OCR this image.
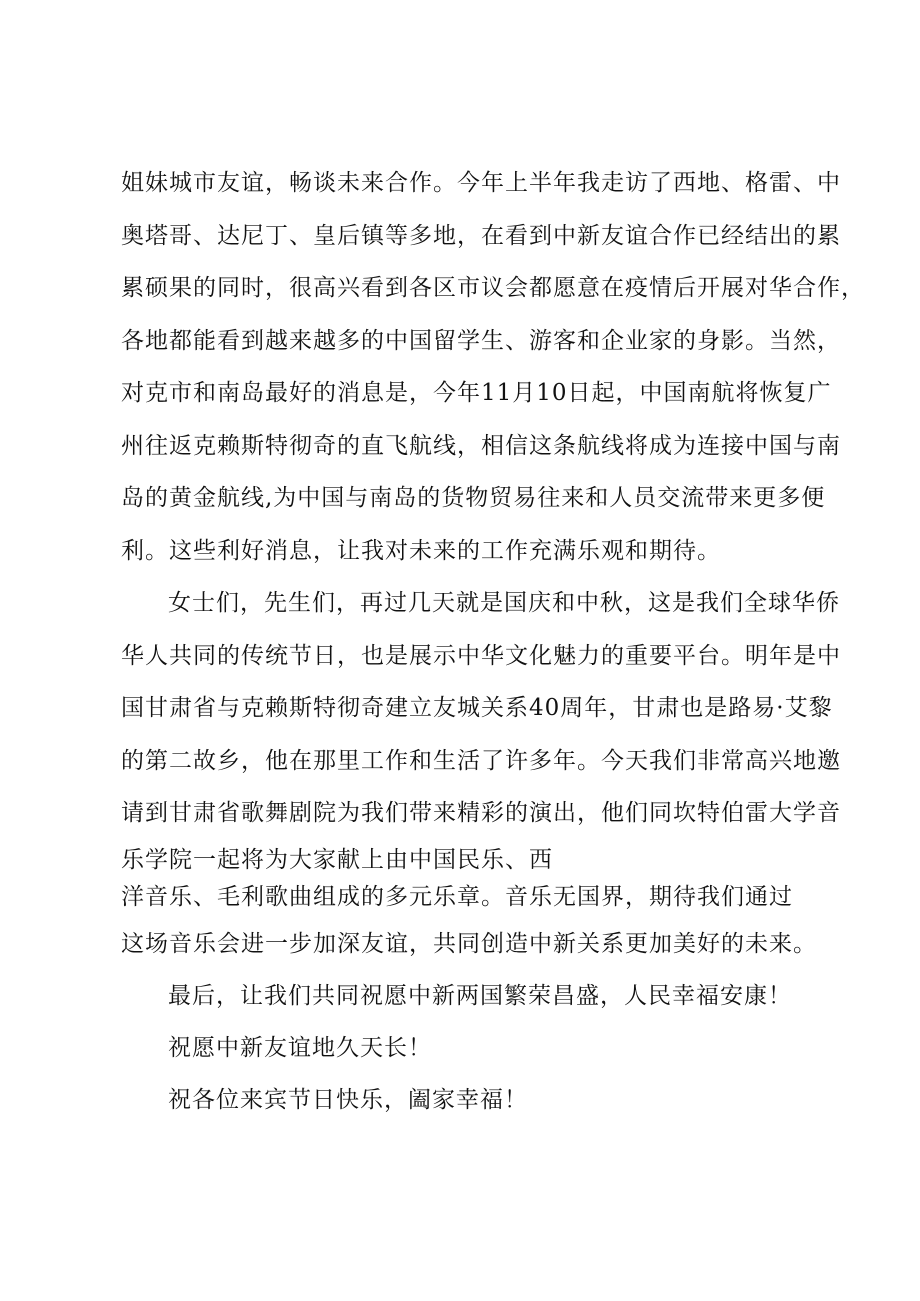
姐妹城市友谊，畅谈未来合作。今年上半年我走访了西地、格雷、中

奥塔哥、达尼丁、皇后镇等多地，在看到中新友谊合作已经结出的累

累硕果的同时，很高兴看到各区市议会都愿意在疫情后开展对华合作，

各地都能看到越来越多的中国留学生、游客和企业家的身影。当然，

对克市和南岛最好的消息是，今年11月10日起，中国南航将恢复广

州往返克赖斯特彻奇的直飞航线，相信这条航线将成为连接中国与南

岛的黄金航线,为中国与南岛的货物贸易往来和人员交流带来更多便

利。这些利好消息，让我对未来的工作充满乐观和期待。

女士们，先生们，再过几天就是国庆和中秋，这是我们全球华侨

华人共同的传统节日，也是展示中华文化魅力的重要平台。明年是中

国甘肃省与克赖斯特彻奇建立友城关系40周年，甘肃也是路易·艾黎

的第二故乡，他在那里工作和生活了许多年。今天我们非常高兴地邀

请到甘肃省歌舞剧院为我们带来精彩的演出，他们同坎特伯雷大学音

乐学院一起将为大家献上由中国民乐、西

洋音乐、毛利歌曲组成的多元乐章。音乐无国界，期待我们通过

这场音乐会进一步加深友谊，共同创造中新关系更加美好的未来。

最后，让我们共同祝愿中新两国繁荣昌盛，人民幸福安康！

祝愿中新友谊地久天长！

祝各位来宾节日快乐，阖家幸福！
